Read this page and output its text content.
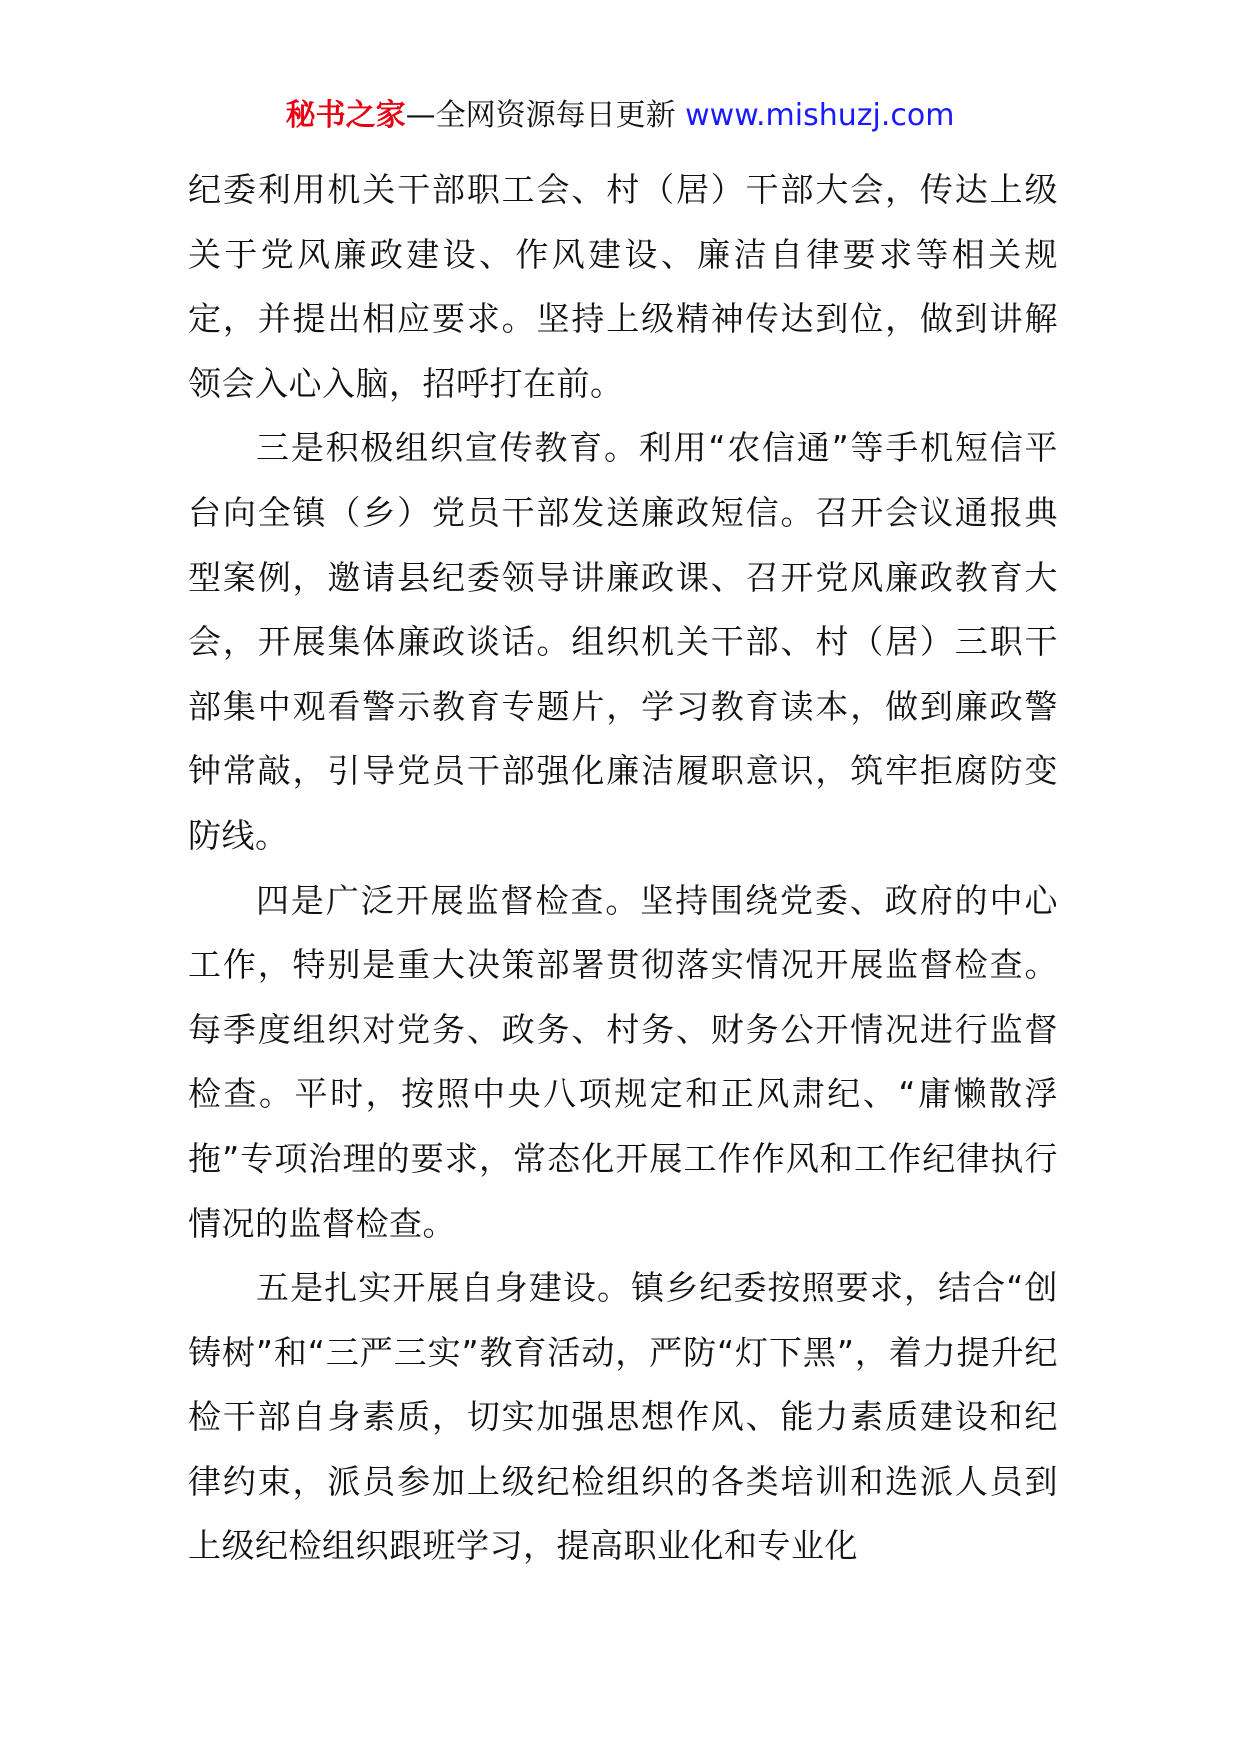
秘书之家—全网资源每日更新 www.mishuzj.com

纪委利用机关干部职工会、村（居）干部大会，传达上级关于党风廉政建设、作风建设、廉洁自律要求等相关规定，并提出相应要求。坚持上级精神传达到位，做到讲解领会入心入脑，招呼打在前。

三是积极组织宣传教育。利用“农信通”等手机短信平台向全镇（乡）党员干部发送廉政短信。召开会议通报典型案例，邀请县纪委领导讲廉政课、召开党风廉政教育大会，开展集体廉政谈话。组织机关干部、村（居）三职干部集中观看警示教育专题片，学习教育读本，做到廉政警钟常敲，引导党员干部强化廉洁履职意识，筑牢拒腐防变防线。

四是广泛开展监督检查。坚持围绕党委、政府的中心工作，特别是重大决策部署贯彻落实情况开展监督检查。每季度组织对党务、政务、村务、财务公开情况进行监督检查。平时，按照中央八项规定和正风肃纪、“庸懒散浮拖”专项治理的要求，常态化开展工作作风和工作纪律执行情况的监督检查。

五是扎实开展自身建设。镇乡纪委按照要求，结合“创铸树”和“三严三实”教育活动，严防“灯下黑”，着力提升纪检干部自身素质，切实加强思想作风、能力素质建设和纪律约束，派员参加上级纪检组织的各类培训和选派人员到上级纪检组织跟班学习，提高职业化和专业化
